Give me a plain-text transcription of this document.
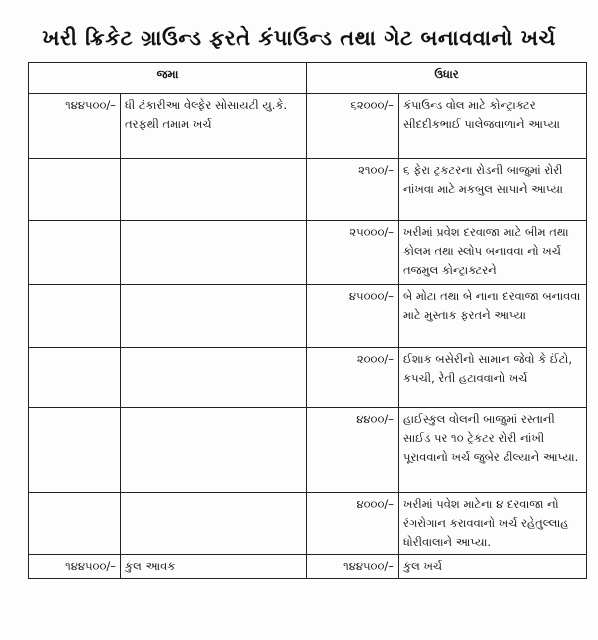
ખરી ક્રિકેટ ગ્રાઉન્ડ ફરતે કંપાઉન્ડ તથા ગેટ બનાવવાનો ખર્ચ
જમા		ઉધાર	
૧૪૪૫૦૦/–	ધી ટંકારીઆ વેલ્ફેર સોસાયટી યુ.કે. તરફથી તમામ ખર્ચ	૬૨૦૦૦/–	કંપાઉન્ડ વોલ માટે કોન્ટ્રાક્ટર સીદદીકભાઈ પાલેજવાળાને આપ્યા
		૨૧૦૦/–	૬ ફેરા ટ્રકટરના રોડની બાજુમાં રોરી નાંખવા માટે મકબુલ સાપાને આપ્યા
		૨૫૦૦૦/–	ખરીમાં પ્રવેશ દરવાજા માટે બીમ તથા કોલમ તથા સ્લોપ બનાવવા નો ખર્ચ તજમુલ કોન્ટ્રાક્ટરને
		૪૫૦૦૦/–	બે મોટા તથા બે નાના દરવાજા બનાવવા માટે મુસ્તાક ફરતને આપ્યા
		૨૦૦૦/–	ઈશાક બસેરીનો સામાન જેવો કે ઈંટો, કપચી, રેતી હટાવવાનો ખર્ચ
		૪૪૦૦/–	હાઈસ્કુલ વોલની બાજુમાં રસ્તાની સાઈડ પર ૧૦ ટ્રેકટર રોરી નાંખી પૂરાવવાનો ખર્ચ જુબેર ઢીલ્યાને આપ્યા.
		૪૦૦૦/–	ખરીમાં પવેશ માટેના ૪ દરવાજા નો રંગરોગાન કરાવવાનો ખર્ચ રહેતુલ્લાહ ધોરીવાલાને આપ્યા.
૧૪૪૫૦૦/–	કુલ આવક	૧૪૪૫૦૦/–	કુલ ખર્ચ
